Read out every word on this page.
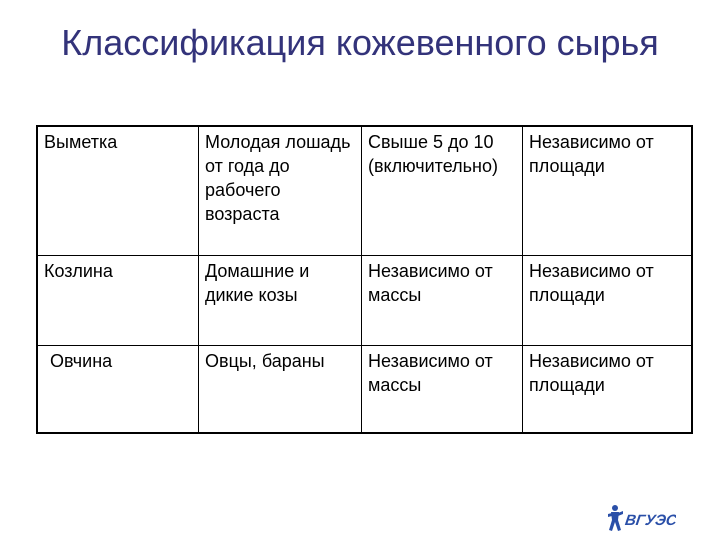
Классификация кожевенного сырья
Выметка	Молодая лошадь от года до рабочего возраста	Свыше 5 до 10 (включительно)	Независимо от площади
Козлина	Домашние и дикие козы	Независимо от массы	Независимо от площади
Овчина	Овцы, бараны	Независимо от массы	Независимо от площади
ВГУЭС
